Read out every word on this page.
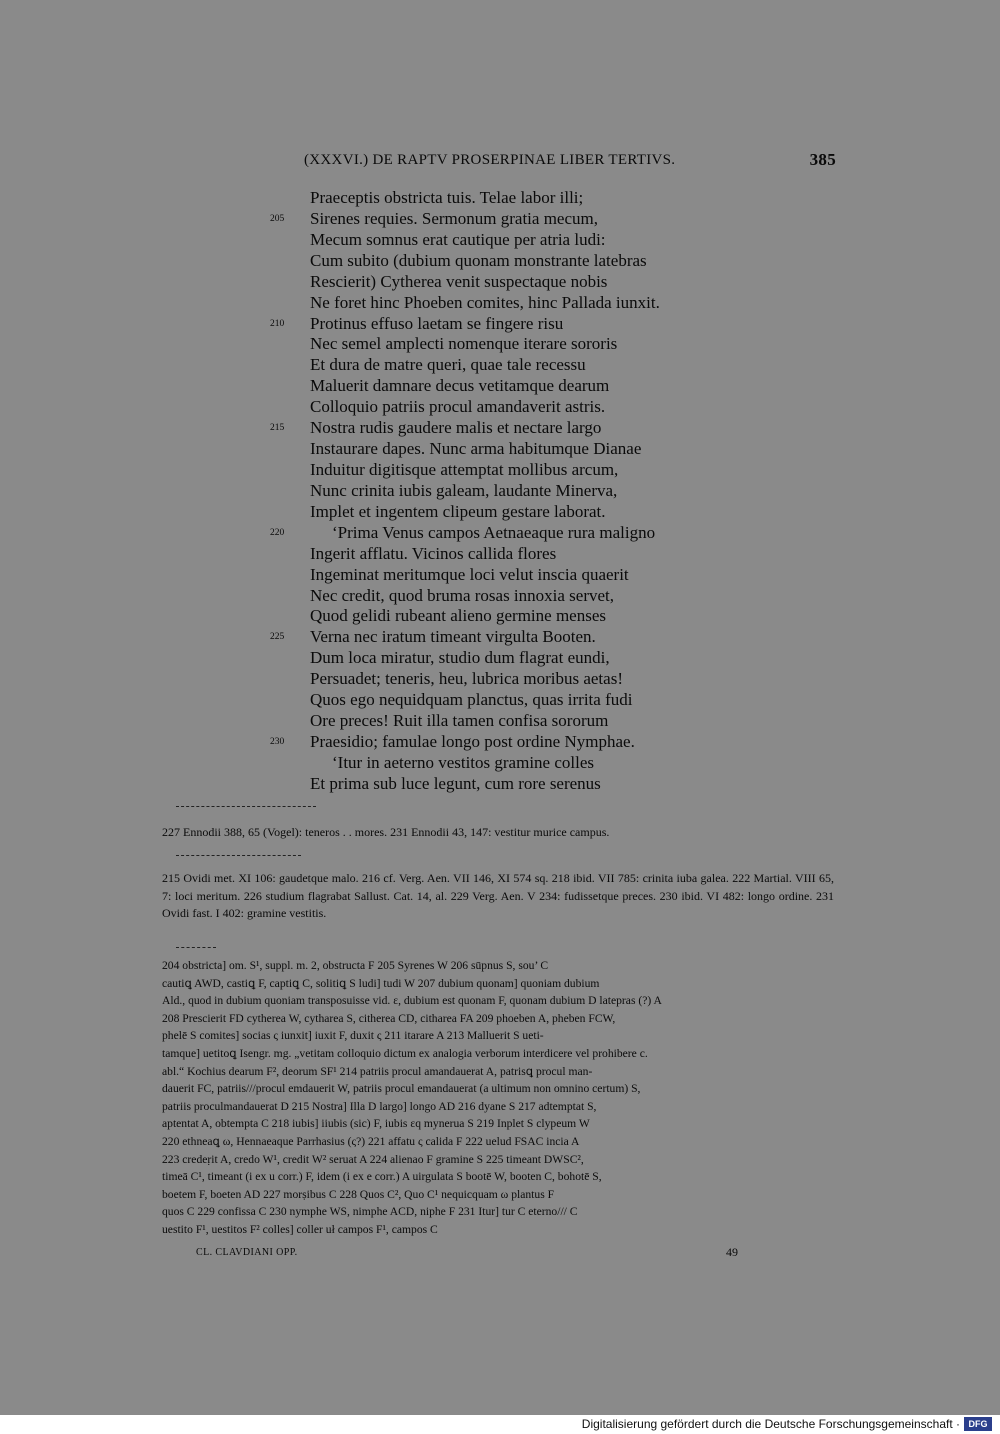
(XXXVI.) DE RAPTV PROSERPINAE LIBER TERTIVS.	385
Praeceptis obstricta tuis. Telae labor illi;
205	Sirenes requies. Sermonum gratia mecum,
Mecum somnus erat cautique per atria ludi:
Cum subito (dubium quonam monstrante latebras
Rescierit) Cytherea venit suspectaque nobis
Ne foret hinc Phoeben comites, hinc Pallada iunxit.
210	Protinus effuso laetam se fingere risu
Nec semel amplecti nomenque iterare sororis
Et dura de matre queri, quae tale recessu
Maluerit damnare decus vetitamque dearum
Colloquio patriis procul amandaverit astris.
215	Nostra rudis gaudere malis et nectare largo
Instaurare dapes. Nunc arma habitumque Dianae
Induitur digitisque attemptat mollibus arcum,
Nunc crinita iubis galeam, laudante Minerva,
Implet et ingentem clipeum gestare laborat.
220	‘Prima Venus campos Aetnaeaque rura maligno
Ingerit afflatu. Vicinos callida flores
Ingeminat meritumque loci velut inscia quaerit
Nec credit, quod bruma rosas innoxia servet,
Quod gelidi rubeant alieno germine menses
225	Verna nec iratum timeant virgulta Booten.
Dum loca miratur, studio dum flagrat eundi,
Persuadet; teneris, heu, lubrica moribus aetas!
Quos ego nequidquam planctus, quas irrita fudi
Ore preces! Ruit illa tamen confisa sororum
230	Praesidio; famulae longo post ordine Nymphae.
‘Itur in aeterno vestitos gramine colles
Et prima sub luce legunt, cum rore serenus

227 Ennodii 388, 65 (Vogel): teneros . . mores. 231 Ennodii 43, 147: vestitur murice campus.

215 Ovidi met. XI 106: gaudetque malo. 216 cf. Verg. Aen. VII 146, XI 574 sq. 218 ibid. VII 785: crinita iuba galea. 222 Martial. VIII 65, 7: loci meritum. 226 studium flagrabat Sallust. Cat. 14, al. 229 Verg. Aen. V 234: fudissetque preces. 230 ibid. VI 482: longo ordine. 231 Ovidi fast. I 402: gramine vestitis.

204 obstricta] om. S¹, suppl. m. 2, obstructa F 205 Syrenes W 206 sūpnus S, sou’ C

cautiꝗ AWD, castiꝗ F, captiꝗ C, solitiꝗ S ludi] tudi W 207 dubium quonam] quoniam dubium

Ald., quod in dubium quoniam transposuisse vid. ε, dubium est quonam F, quonam dubium D latepras (?) A

208 Prescierit FD cytherea W, cytharea S, citherea CD, citharea FA 209 phoeben A, pheben FCW,

phelē S comites] socias ς iunxit] iuxit F, duxit ς 211 itarare A 213 Malluerit S ueti-

tamque] uetitoꝗ Isengr. mg. „vetitam colloquio dictum ex analogia verborum interdicere vel prohibere c.

abl.“ Kochius dearum F², deorum SF¹ 214 patriis procul amandauerat A, patrisꝗ procul man-

dauerit FC, patriis///procul emdauerit W, patriis procul emandauerat (a ultimum non omnino certum) S,

patriis proculmandauerat D 215 Nostra] Illa D largo] longo AD 216 dyane S 217 adtemptat S,

aptentat A, obtempta C 218 iubis] iiubis (sic) F, iubis εq mynerua S 219 Inplet S clypeum W

220 ethneaꝗ ω, Hennaeaque Parrhasius (ς?) 221 affatu ς calida F 222 uelud FSAC incia A

223 credeṛit A, credo W¹, credit W² seruat A 224 alienao F gramine S 225 timeant DWSC²,

timeā C¹, timeant (i ex u corr.) F, idem (i ex e corr.) A uirgulata S bootē W, booten C, bohotē S,

boetem F, boeten AD 227 morṣibus C 228 Quos C², Quo C¹ nequicquam ω plantus F

quos C 229 confissa C 230 nymphe WS, nimphe ACD, niphe F 231 Itur] tur C eterno/// C

uestito F¹, uestitos F² colles] coller uł campos F¹, campos C

CL. CLAVDIANI OPP.	49
Digitalisierung gefördert durch die Deutsche Forschungsgemeinschaft · DFG
